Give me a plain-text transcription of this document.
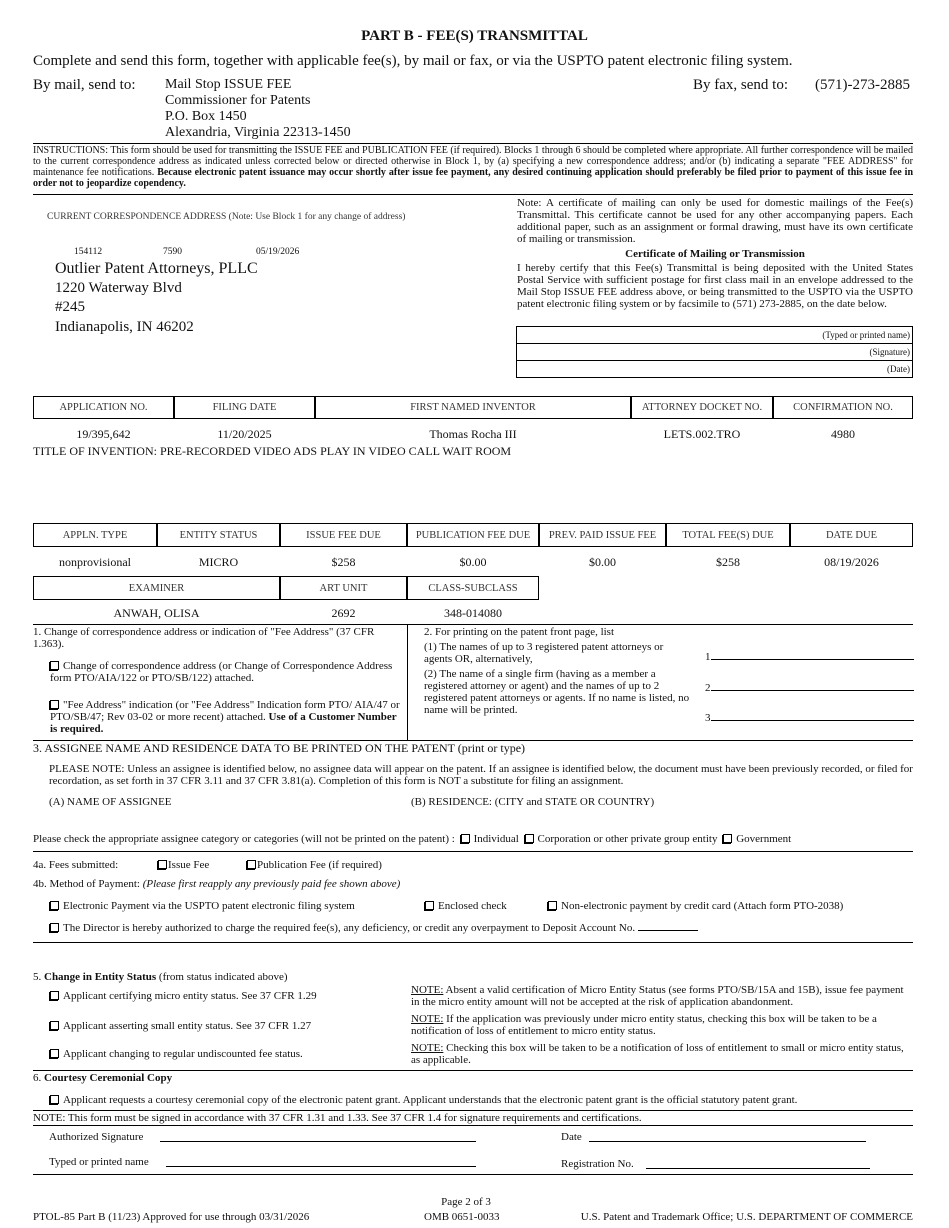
PART B - FEE(S) TRANSMITTAL
Complete and send this form, together with applicable fee(s), by mail or fax, or via the USPTO patent electronic filing system.
By mail, send to: Mail Stop ISSUE FEE
Commissioner for Patents
P.O. Box 1450
Alexandria, Virginia 22313-1450
By fax, send to: (571)-273-2885
INSTRUCTIONS: This form should be used for transmitting the ISSUE FEE and PUBLICATION FEE (if required). Blocks 1 through 6 should be completed where appropriate. All further correspondence will be mailed to the current correspondence address as indicated unless corrected below or directed otherwise in Block 1, by (a) specifying a new correspondence address; and/or (b) indicating a separate "FEE ADDRESS" for maintenance fee notifications. Because electronic patent issuance may occur shortly after issue fee payment, any desired continuing application should preferably be filed prior to payment of this issue fee in order not to jeopardize copendency.
CURRENT CORRESPONDENCE ADDRESS (Note: Use Block 1 for any change of address)
154112	7590	05/19/2026
Outlier Patent Attorneys, PLLC
1220 Waterway Blvd
#245
Indianapolis, IN 46202
Note: A certificate of mailing can only be used for domestic mailings of the Fee(s) Transmittal. This certificate cannot be used for any other accompanying papers. Each additional paper, such as an assignment or formal drawing, must have its own certificate of mailing or transmission.
Certificate of Mailing or Transmission
I hereby certify that this Fee(s) Transmittal is being deposited with the United States Postal Service with sufficient postage for first class mail in an envelope addressed to the Mail Stop ISSUE FEE address above, or being transmitted to the USPTO via the USPTO patent electronic filing system or by facsimile to (571) 273-2885, on the date below.
(Typed or printed name)
(Signature)
(Date)
APPLICATION NO.	FILING DATE	FIRST NAMED INVENTOR	ATTORNEY DOCKET NO.	CONFIRMATION NO.
19/395,642	11/20/2025	Thomas Rocha III	LETS.002.TRO	4980
TITLE OF INVENTION: PRE-RECORDED VIDEO ADS PLAY IN VIDEO CALL WAIT ROOM
APPLN. TYPE	ENTITY STATUS	ISSUE FEE DUE	PUBLICATION FEE DUE	PREV. PAID ISSUE FEE	TOTAL FEE(S) DUE	DATE DUE
nonprovisional	MICRO	$258	$0.00	$0.00	$258	08/19/2026
EXAMINER	ART UNIT	CLASS-SUBCLASS
ANWAH, OLISA	2692	348-014080
1. Change of correspondence address or indication of "Fee Address" (37 CFR 1.363).
Change of correspondence address (or Change of Correspondence Address form PTO/AIA/122 or PTO/SB/122) attached.
"Fee Address" indication (or "Fee Address" Indication form PTO/ AIA/47 or PTO/SB/47; Rev 03-02 or more recent) attached. Use of a Customer Number is required.
2. For printing on the patent front page, list
(1) The names of up to 3 registered patent attorneys or agents OR, alternatively,
(2) The name of a single firm (having as a member a registered attorney or agent) and the names of up to 2 registered patent attorneys or agents. If no name is listed, no name will be printed.
1
2
3
3. ASSIGNEE NAME AND RESIDENCE DATA TO BE PRINTED ON THE PATENT (print or type)
PLEASE NOTE: Unless an assignee is identified below, no assignee data will appear on the patent. If an assignee is identified below, the document must have been previously recorded, or filed for recordation, as set forth in 37 CFR 3.11 and 37 CFR 3.81(a). Completion of this form is NOT a substitute for filing an assignment.
(A) NAME OF ASSIGNEE	(B) RESIDENCE: (CITY and STATE OR COUNTRY)
Please check the appropriate assignee category or categories (will not be printed on the patent) : Individual Corporation or other private group entity Government
4a. Fees submitted:	Issue Fee	Publication Fee (if required)
4b. Method of Payment: (Please first reapply any previously paid fee shown above)
Electronic Payment via the USPTO patent electronic filing system	Enclosed check	Non-electronic payment by credit card (Attach form PTO-2038)
The Director is hereby authorized to charge the required fee(s), any deficiency, or credit any overpayment to Deposit Account No.
5. Change in Entity Status (from status indicated above)
Applicant certifying micro entity status. See 37 CFR 1.29
Applicant asserting small entity status. See 37 CFR 1.27
Applicant changing to regular undiscounted fee status.
NOTE: Absent a valid certification of Micro Entity Status (see forms PTO/SB/15A and 15B), issue fee payment in the micro entity amount will not be accepted at the risk of application abandonment.
NOTE: If the application was previously under micro entity status, checking this box will be taken to be a notification of loss of entitlement to micro entity status.
NOTE: Checking this box will be taken to be a notification of loss of entitlement to small or micro entity status, as applicable.
6. Courtesy Ceremonial Copy
Applicant requests a courtesy ceremonial copy of the electronic patent grant. Applicant understands that the electronic patent grant is the official statutory patent grant.
NOTE: This form must be signed in accordance with 37 CFR 1.31 and 1.33. See 37 CFR 1.4 for signature requirements and certifications.
Authorized Signature	Date
Typed or printed name	Registration No.
Page 2 of 3
PTOL-85 Part B (11/23) Approved for use through 03/31/2026	OMB 0651-0033	U.S. Patent and Trademark Office; U.S. DEPARTMENT OF COMMERCE
